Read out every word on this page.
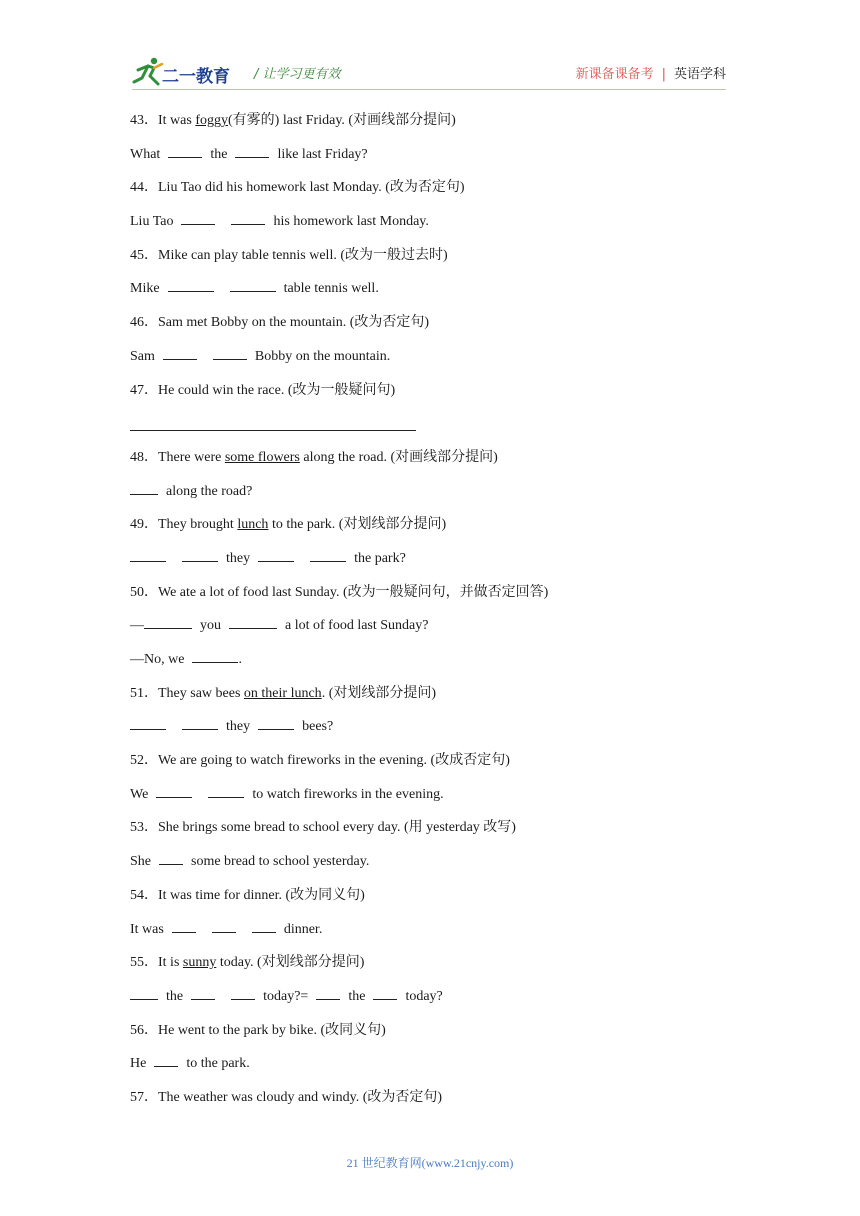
二一教育 / 让学习更有效	新课备课备考 | 英语学科
43．It was foggy(有雾的) last Friday. (对画线部分提问)
What	the	like last Friday?
44．Liu Tao did his homework last Monday. (改为否定句)
Liu Tao	his homework last Monday.
45．Mike can play table tennis well. (改为一般过去时)
Mike	table tennis well.
46．Sam met Bobby on the mountain. (改为否定句)
Sam	Bobby on the mountain.
47．He could win the race. (改为一般疑问句)
48．There were some flowers along the road. (对画线部分提问)
along the road?
49．They brought lunch to the park. (对划线部分提问)
they	the park?
50．We ate a lot of food last Sunday. (改为一般疑问句，并做否定回答)
—	you	a lot of food last Sunday?
—No, we	.
51．They saw bees on their lunch. (对划线部分提问)
they	bees?
52．We are going to watch fireworks in the evening. (改成否定句)
We	to watch fireworks in the evening.
53．She brings some bread to school every day. (用 yesterday 改写)
She	some bread to school yesterday.
54．It was time for dinner. (改为同义句)
It was	dinner.
55．It is sunny today. (对划线部分提问)
the	today?=	the	today?
56．He went to the park by bike. (改同义句)
He	to the park.
57．The weather was cloudy and windy. (改为否定句)
21 世纪教育网(www.21cnjy.com)
